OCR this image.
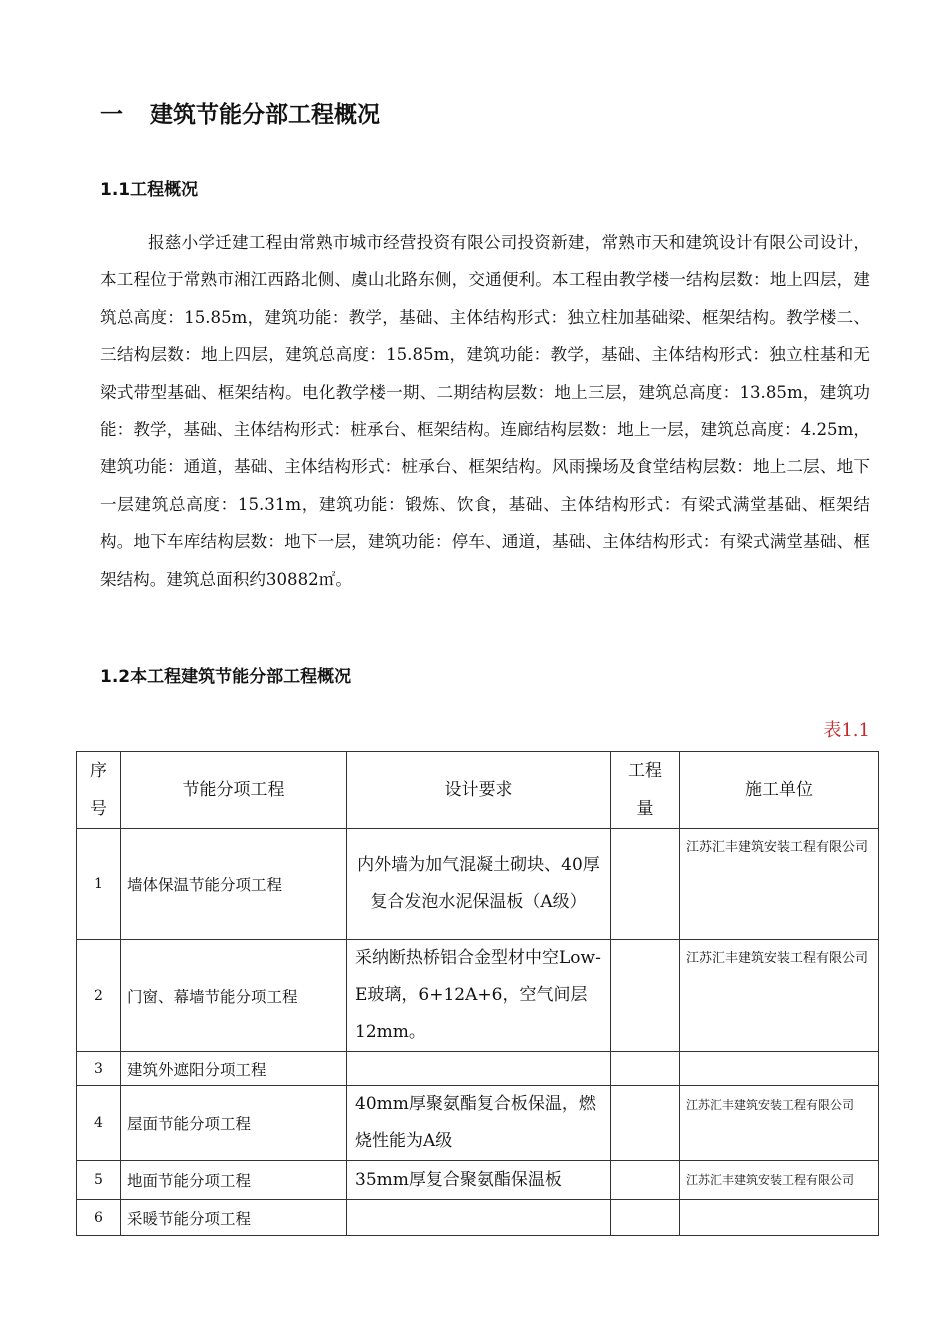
一	建筑节能分部工程概况
1.1工程概况

报慈小学迁建工程由常熟市城市经营投资有限公司投资新建，常熟市天和建筑设计有限公司设计，本工程位于常熟市湘江西路北侧、虞山北路东侧，交通便利。本工程由教学楼一结构层数：地上四层，建筑总高度：15.85m，建筑功能：教学，基础、主体结构形式：独立柱加基础梁、框架结构。教学楼二、三结构层数：地上四层，建筑总高度：15.85m，建筑功能：教学，基础、主体结构形式：独立柱基和无梁式带型基础、框架结构。电化教学楼一期、二期结构层数：地上三层，建筑总高度：13.85m，建筑功能：教学，基础、主体结构形式：桩承台、框架结构。连廊结构层数：地上一层，建筑总高度：4.25m，建筑功能：通道，基础、主体结构形式：桩承台、框架结构。风雨操场及食堂结构层数：地上二层、地下一层建筑总高度：15.31m，建筑功能：锻炼、饮食，基础、主体结构形式：有梁式满堂基础、框架结构。地下车库结构层数：地下一层，建筑功能：停车、通道，基础、主体结构形式：有梁式满堂基础、框架结构。建筑总面积约30882㎡。

1.2本工程建筑节能分部工程概况
表1.1
序号	节能分项工程	设计要求	工程量	施工单位
1	墙体保温节能分项工程	内外墙为加气混凝土砌块、40厚复合发泡水泥保温板（A级）		江苏汇丰建筑安装工程有限公司
2	门窗、幕墙节能分项工程	采纳断热桥铝合金型材中空Low-E玻璃，6+12A+6，空气间层12mm。		江苏汇丰建筑安装工程有限公司
3	建筑外遮阳分项工程			
4	屋面节能分项工程	40mm厚聚氨酯复合板保温，燃烧性能为A级		江苏汇丰建筑安装工程有限公司
5	地面节能分项工程	35mm厚复合聚氨酯保温板		江苏汇丰建筑安装工程有限公司
6	采暖节能分项工程			
